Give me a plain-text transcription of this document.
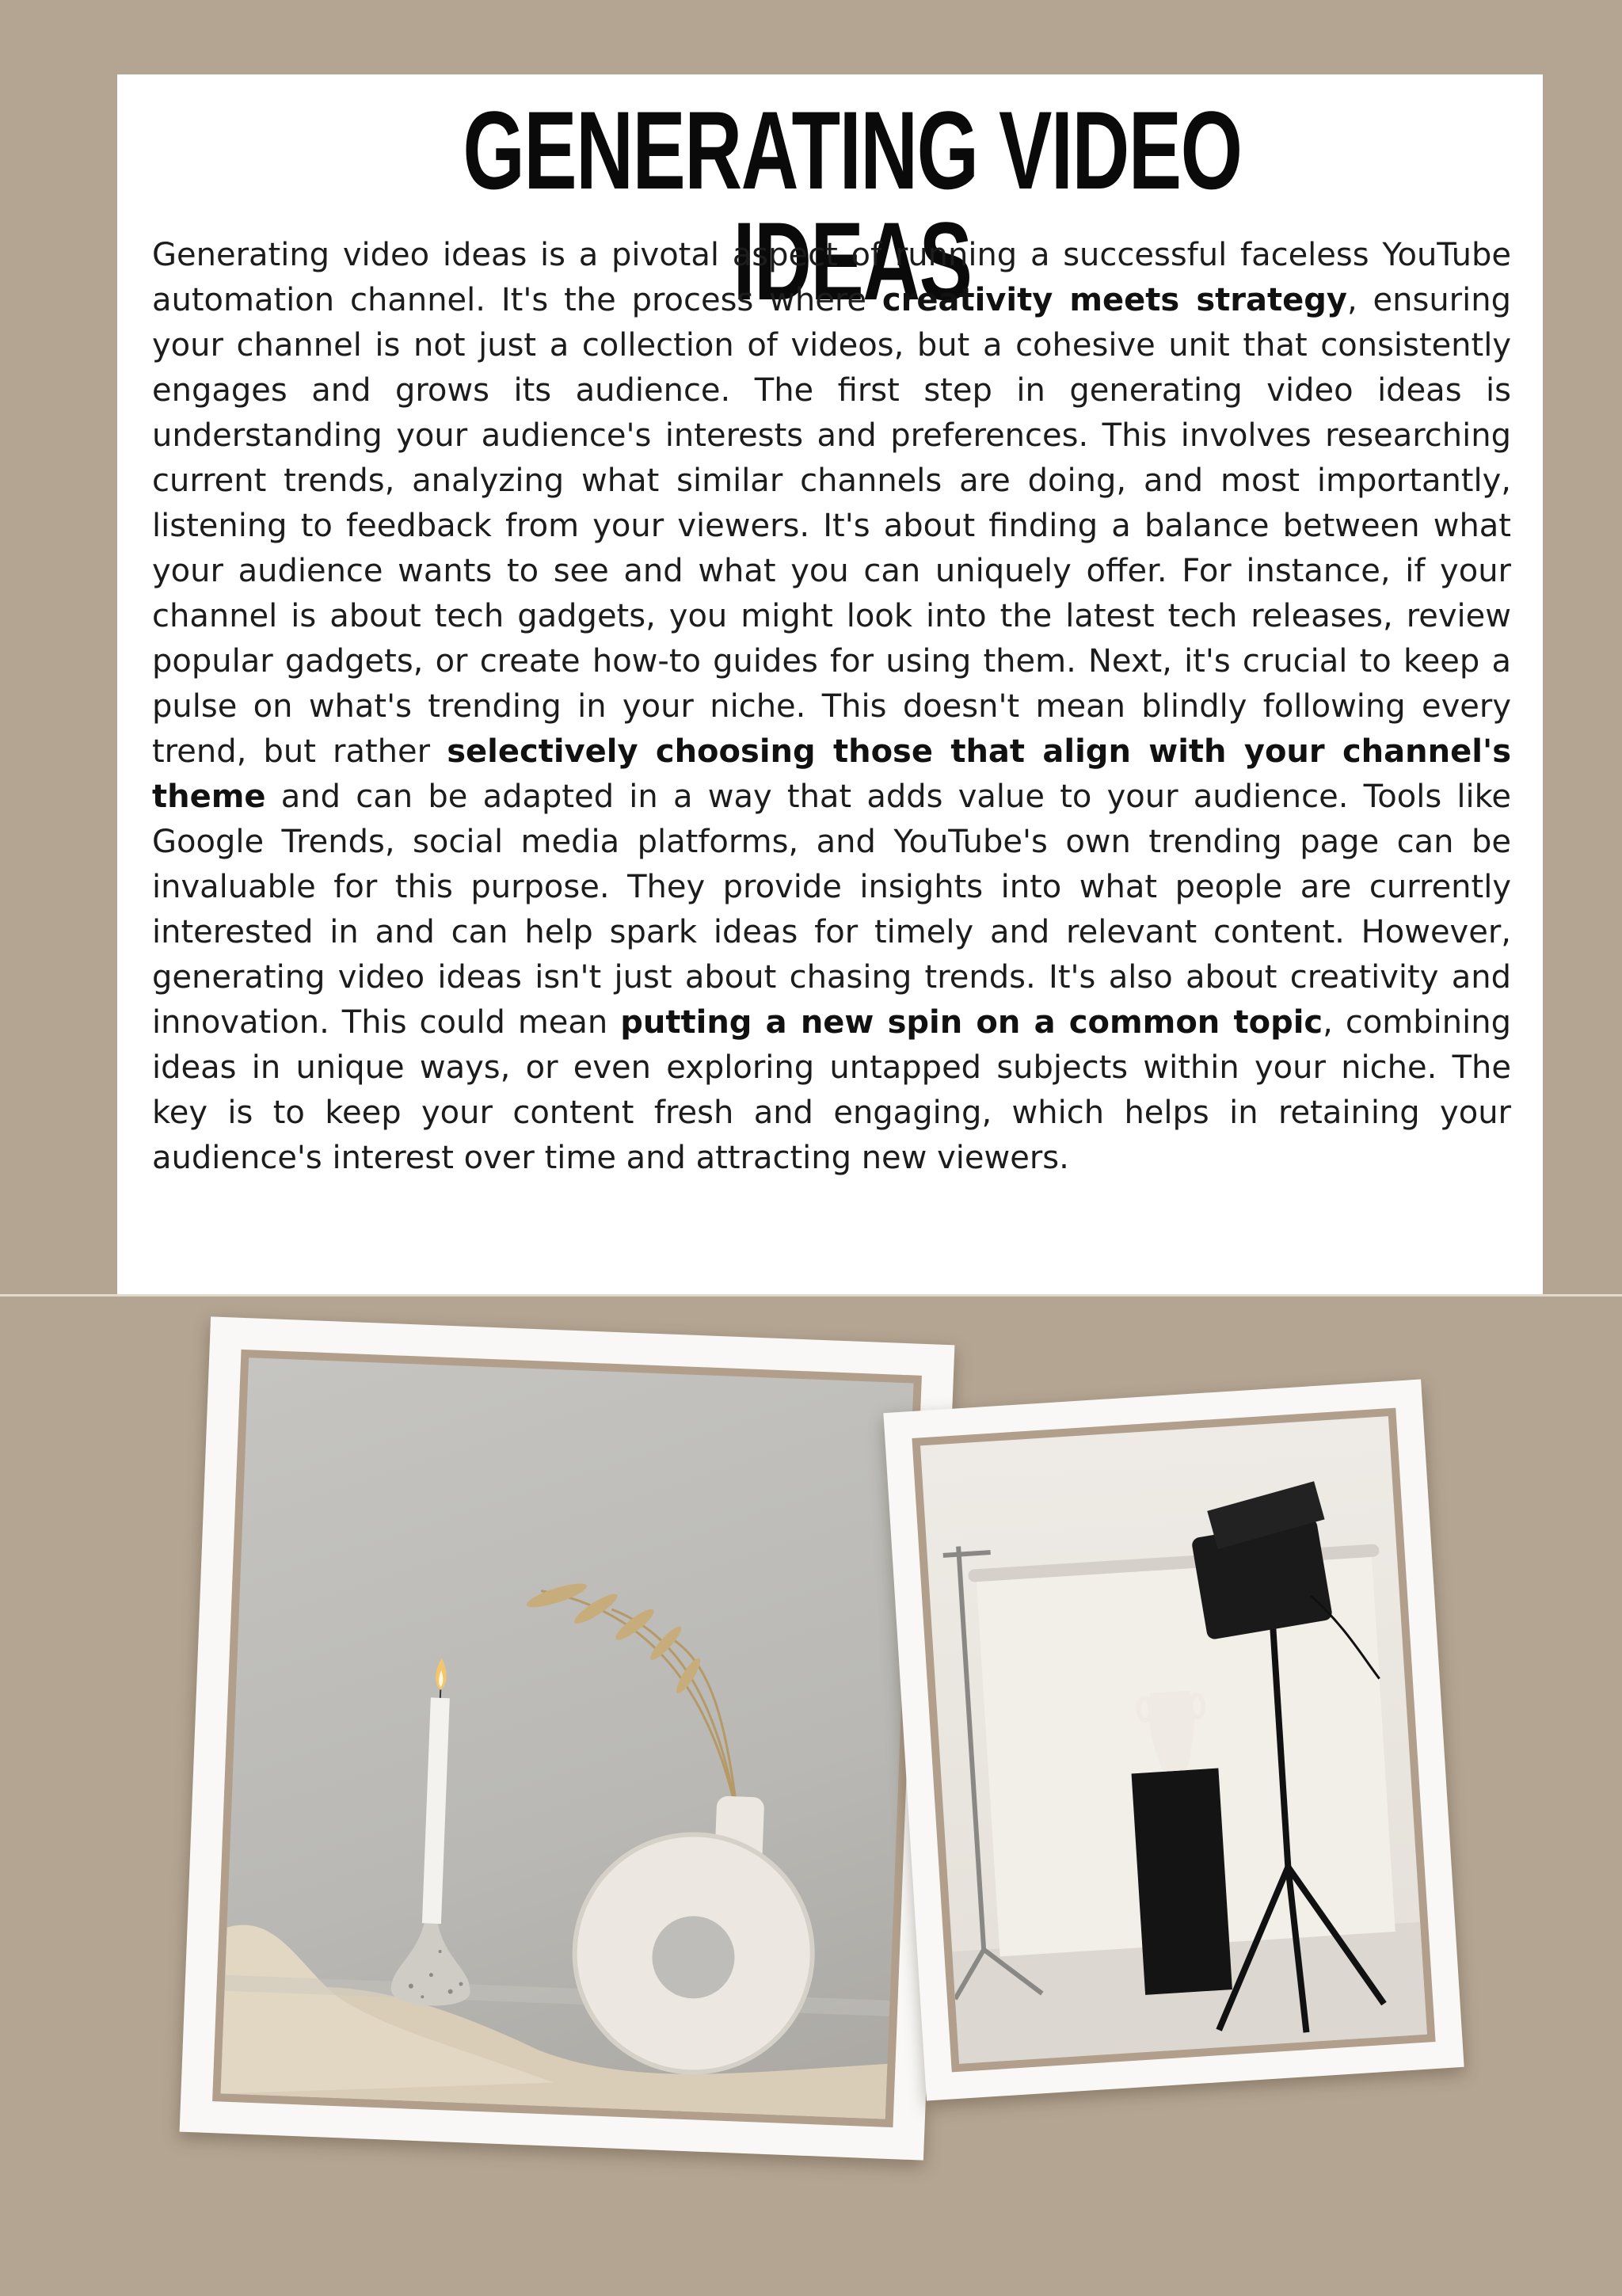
GENERATING VIDEO IDEAS

Generating video ideas is a pivotal aspect of running a successful faceless YouTube automation channel. It's the process where creativity meets strategy, ensuring your channel is not just a collection of videos, but a cohesive unit that consistently engages and grows its audience. The first step in generating video ideas is understanding your audience's interests and preferences. This involves researching current trends, analyzing what similar channels are doing, and most importantly, listening to feedback from your viewers. It's about finding a balance between what your audience wants to see and what you can uniquely offer. For instance, if your channel is about tech gadgets, you might look into the latest tech releases, review popular gadgets, or create how-to guides for using them. Next, it's crucial to keep a pulse on what's trending in your niche. This doesn't mean blindly following every trend, but rather selectively choosing those that align with your channel's theme and can be adapted in a way that adds value to your audience. Tools like Google Trends, social media platforms, and YouTube's own trending page can be invaluable for this purpose. They provide insights into what people are currently interested in and can help spark ideas for timely and relevant content. However, generating video ideas isn't just about chasing trends. It's also about creativity and innovation. This could mean putting a new spin on a common topic, combining ideas in unique ways, or even exploring untapped subjects within your niche. The key is to keep your content fresh and engaging, which helps in retaining your audience's interest over time and attracting new viewers.
